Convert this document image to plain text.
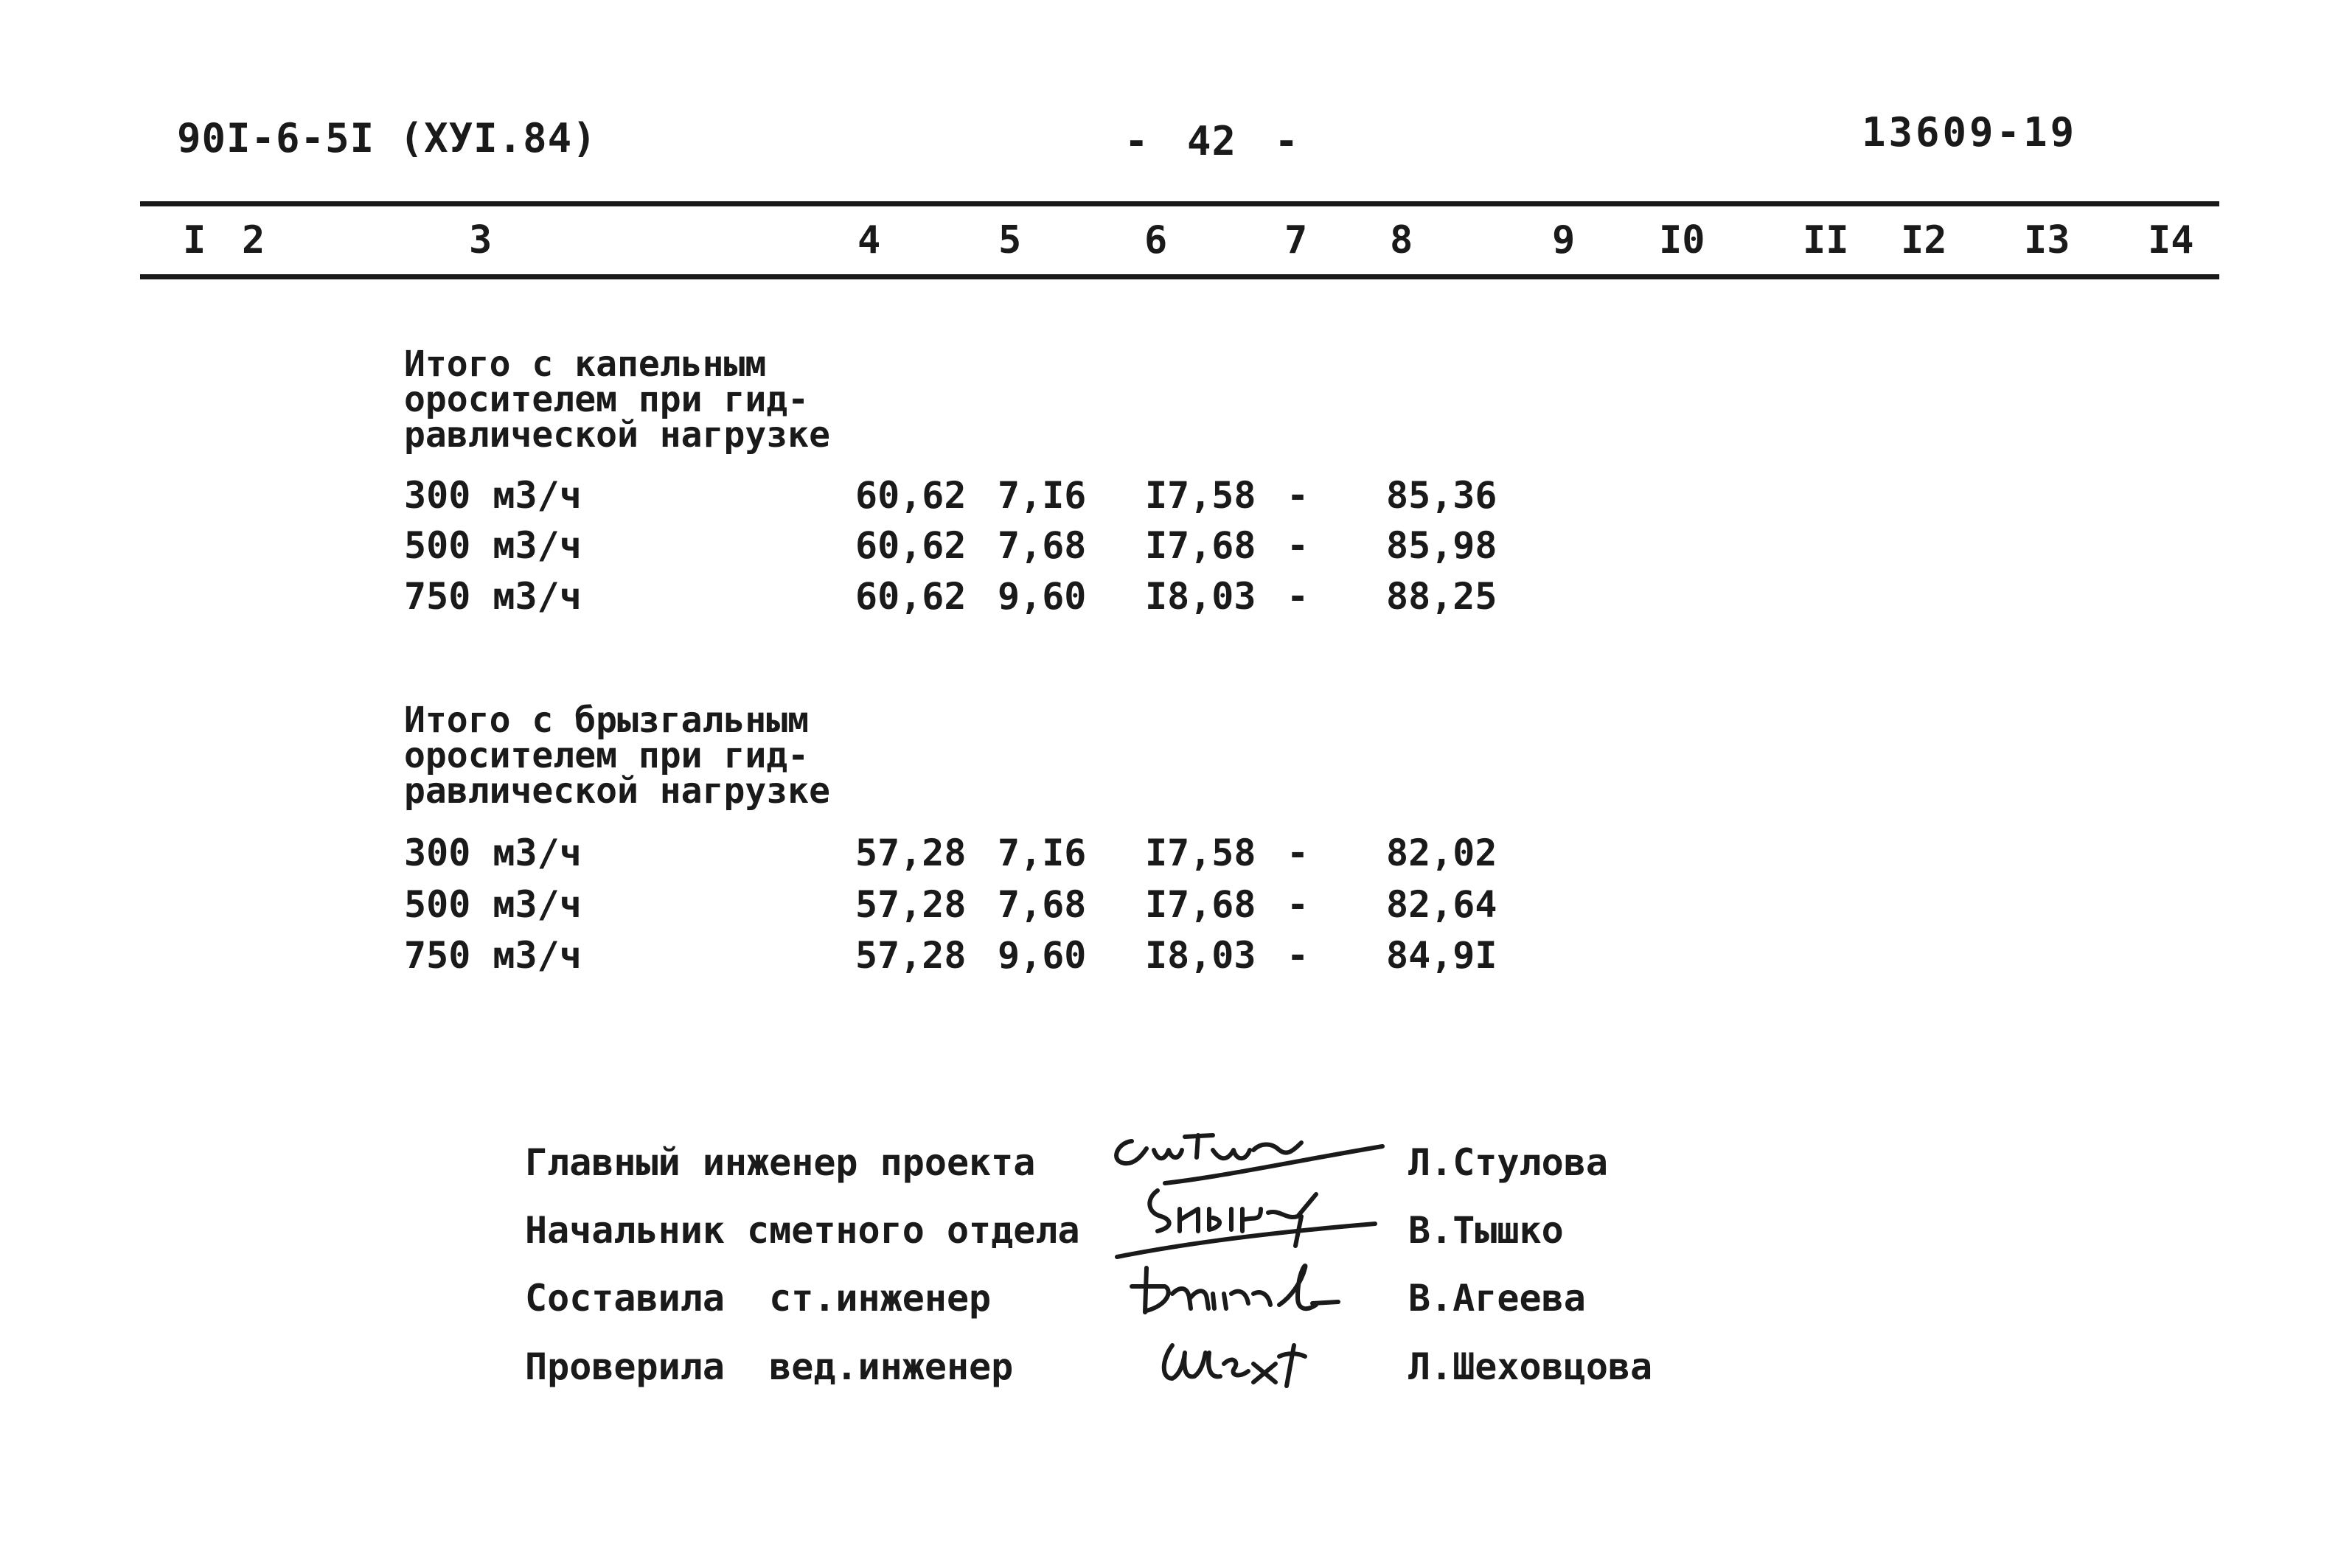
90I-6-5I (XУI.84)	- 42 -	13609-19
I 2	3	4	5	6	7 8	9 I0	II I2 I3 I4
Итого с капельным
оросителем при гид-
равлической нагрузке
300 м3/ч	60,62 7,I6 I7,58 - 85,36
500 м3/ч	60,62 7,68 I7,68 - 85,98
750 м3/ч	60,62 9,60 I8,03 - 88,25
Итого с брызгальным
оросителем при гид-
равлической нагрузке
300 м3/ч	57,28 7,I6 I7,58 - 82,02
500 м3/ч	57,28 7,68 I7,68 - 82,64
750 м3/ч	57,28 9,60 I8,03 - 84,9I
Главный инженер проекта	Л.Стулова
Начальник сметного отдела	В.Тышко
Составила  ст.инженер	В.Агеева
Проверила  вед.инженер	Л.Шеховцова
